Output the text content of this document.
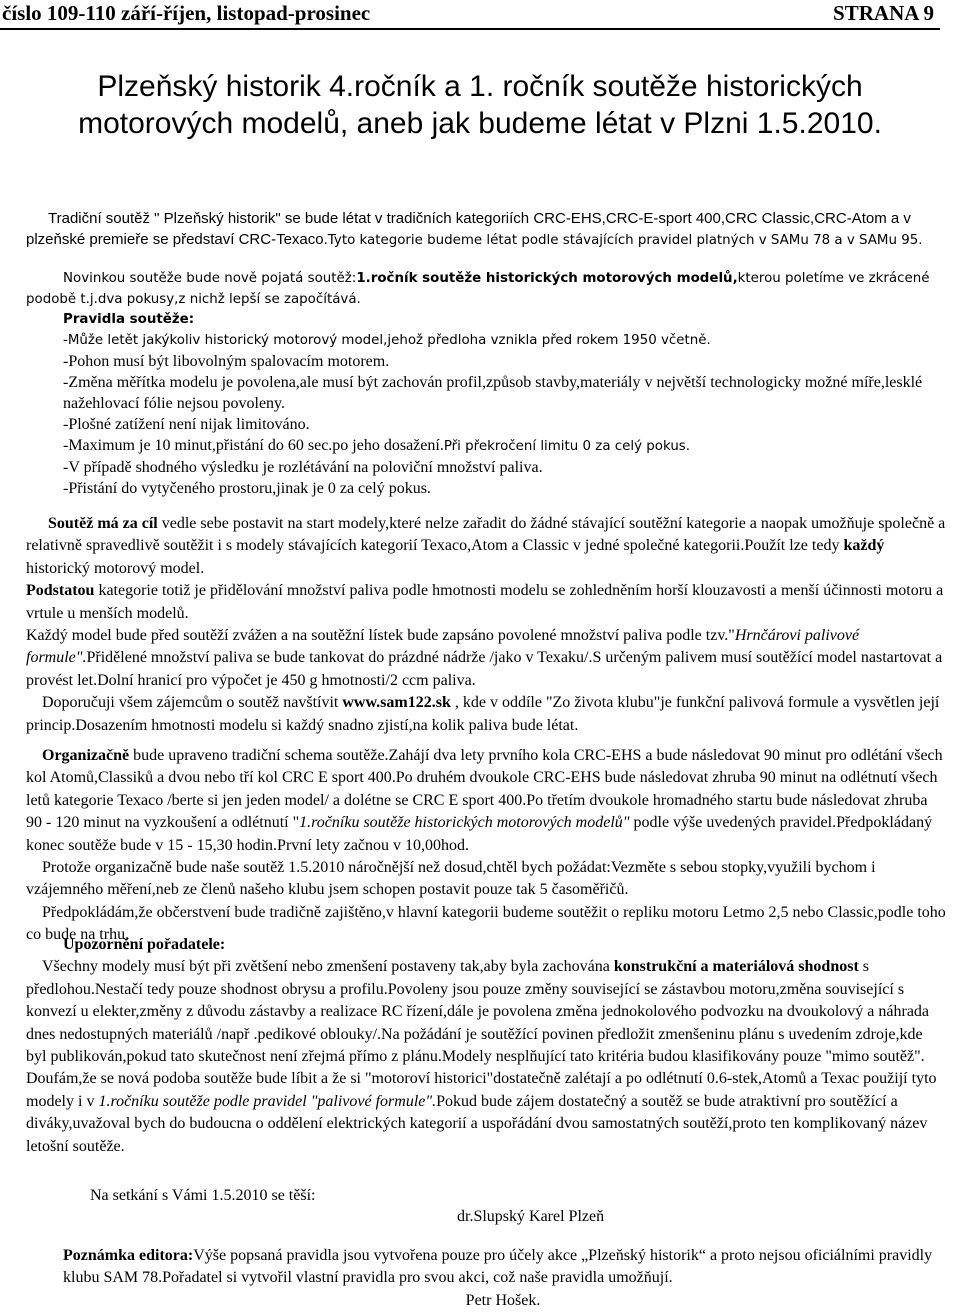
číslo 109-110 září-říjen, listopad-prosinec	STRANA 9
Plzeňský historik 4.ročník a 1. ročník soutěže historických
motorových modelů, aneb jak budeme létat v Plzni 1.5.2010.
Tradiční soutěž " Plzeňský historik" se bude létat v tradičních kategoriích CRC-EHS,CRC-E-sport 400,CRC Classic,CRC-Atom a v plzeňské premieře se představí CRC-Texaco.Tyto kategorie budeme létat podle stávajících pravidel platných v SAMu 78 a v SAMu 95.
Novinkou soutěže bude nově pojatá soutěž:1.ročník soutěže historických motorových modelů,kterou poletíme ve zkrácené podobě t.j.dva pokusy,z nichž lepší se započítává.
Pravidla soutěže:
-Může letět jakýkoliv historický motorový model,jehož předloha vznikla před rokem 1950 včetně.
-Pohon musí být libovolným spalovacím motorem.
-Změna měřítka modelu je povolena,ale musí být zachován profil,způsob stavby,materiály v největší technologicky možné míře,lesklé nažehlovací fólie nejsou povoleny.
-Plošné zatížení není nijak limitováno.
-Maximum je 10 minut,přistání do 60 sec.po jeho dosažení.Při překročení limitu 0 za celý pokus.
-V případě shodného výsledku je rozlétávání na poloviční množství paliva.
-Přistání do vytyčeného prostoru,jinak je 0 za celý pokus.
Soutěž má za cíl vedle sebe postavit na start modely,které nelze zařadit do žádné stávající soutěžní kategorie a naopak umožňuje společně a relativně spravedlivě soutěžit i s modely stávajících kategorií Texaco,Atom a Classic v jedné společné kategorii.Použít lze tedy každý historický motorový model.
Podstatou kategorie totiž je přidělování množství paliva podle hmotnosti modelu se zohledněním horší klouzavosti a menší účinnosti motoru a vrtule u menších modelů.
Každý model bude před soutěží zvážen a na soutěžní lístek bude zapsáno povolené množství paliva podle tzv."Hrnčárovi palivové formule".Přidělené množství paliva se bude tankovat do prázdné nádrže /jako v Texaku/.S určeným palivem musí soutěžící model nastartovat a provést let.Dolní hranicí pro výpočet je 450 g hmotnosti/2 ccm paliva.
Doporučuji všem zájemcům o soutěž navštívit www.sam122.sk , kde v oddíle "Zo života klubu"je funkční palivová formule a vysvětlen její princip.Dosazením hmotnosti modelu si každý snadno zjistí,na kolik paliva bude létat.
Organizačně bude upraveno tradiční schema soutěže.Zahájí dva lety prvního kola CRC-EHS a bude následovat 90 minut pro odlétání všech kol Atomů,Classiků a dvou nebo tří kol CRC E sport 400.Po druhém dvoukole CRC-EHS bude následovat zhruba 90 minut na odlétnutí všech letů kategorie Texaco /berte si jen jeden model/ a dolétne se CRC E sport 400.Po třetím dvoukole hromadného startu bude následovat zhruba 90 - 120 minut na vyzkoušení a odlétnutí "1.ročníku soutěže historických motorových modelů" podle výše uvedených pravidel.Předpokládaný konec soutěže bude v 15 - 15,30 hodin.První lety začnou v 10,00hod.
Protože organizačně bude naše soutěž 1.5.2010 náročnější než dosud,chtěl bych požádat:Vezměte s sebou stopky,využili bychom i vzájemného měření,neb ze členů našeho klubu jsem schopen postavit pouze tak 5 časoměřičů.
Předpokládám,že občerstvení bude tradičně zajištěno,v hlavní kategorii budeme soutěžit o repliku motoru Letmo 2,5 nebo Classic,podle toho co bude na trhu.
Upozornění pořadatele:
Všechny modely musí být při zvětšení nebo zmenšení postaveny tak,aby byla zachována konstrukční a materiálová shodnost s předlohou.Nestačí tedy pouze shodnost obrysu a profilu.Povoleny jsou pouze změny související se zástavbou motoru,změna související s konvezí u elekter,změny z důvodu zástavby a realizace RC řízení,dále je povolena změna jednokolového podvozku na dvoukolový a náhrada dnes nedostupných materiálů /např .pedikové oblouky/.Na požádání je soutěžící povinen předložit zmenšeninu plánu s uvedením zdroje,kde byl publikován,pokud tato skutečnost není zřejmá přímo z plánu.Modely nesplňující tato kritéria budou klasifikovány pouze "mimo soutěž".
Doufám,že se nová podoba soutěže bude líbit a že si "motoroví historici"dostatečně zalétají a po odlétnutí 0.6-stek,Atomů a Texac použijí tyto modely i v 1.ročníku soutěže podle pravidel "palivové formule".Pokud bude zájem dostatečný a soutěž se bude atraktivní pro soutěžící a diváky,uvažoval bych do budoucna o oddělení elektrických kategorií a uspořádání dvou samostatných soutěží,proto ten komplikovaný název letošní soutěže.
Na setkání s Vámi 1.5.2010 se těší:
dr.Slupský Karel Plzeň
Poznámka editora:Výše popsaná pravidla jsou vytvořena pouze pro účely akce „Plzeňský historik“ a proto nejsou oficiálními pravidly klubu SAM 78.Pořadatel si vytvořil vlastní pravidla pro svou akci, což naše pravidla umožňují.
Petr Hošek.
